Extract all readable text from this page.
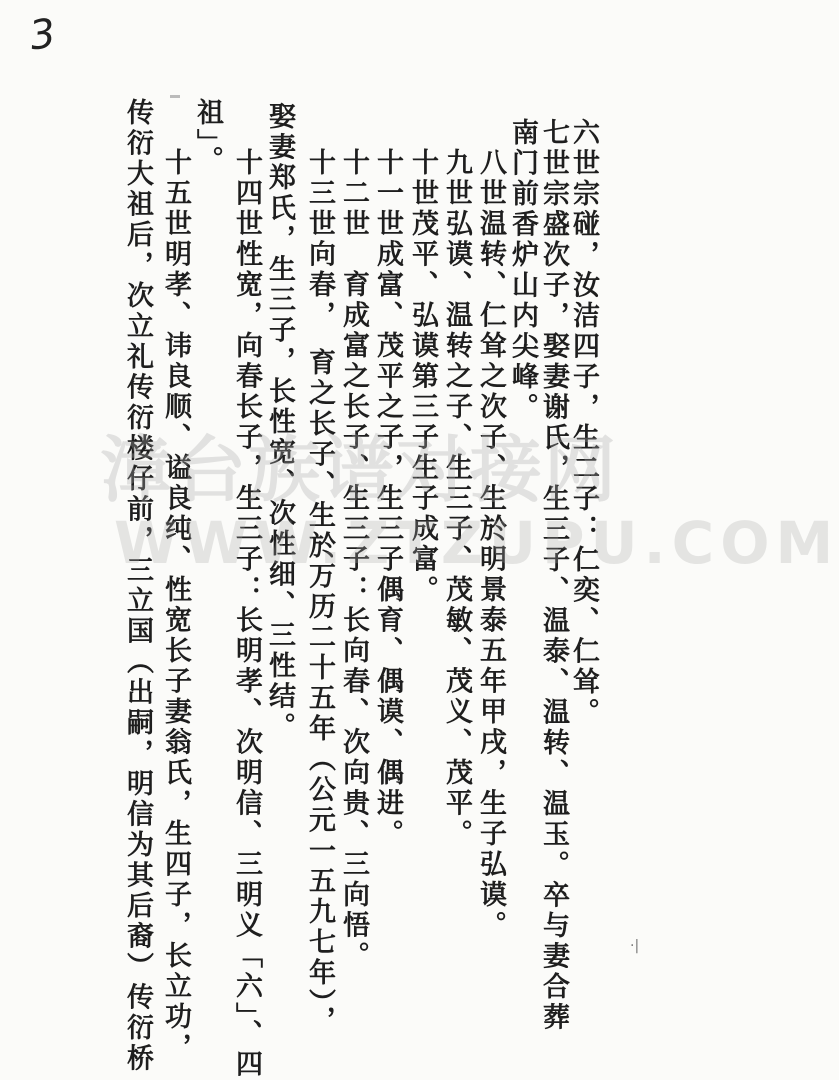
3
六世宗碰，汝洁四子，生二子：仁奕、仁耸。
七世宗盛次子，娶妻谢氏，生三子、温泰、温转、温玉。卒与妻合葬
南门前香炉山内尖峰。
八世温转、仁耸之次子、生於明景泰五年甲戌，生子弘谟。
九世弘谟、温转之子、生三子、茂敏、茂义、茂平。
十世茂平、弘谟第三子生子成富。
十一世成富、茂平之子，生三子偶育、偶谟、偶进。
十二世　育成富之长子、生三子：长向春、次向贵、三向悟。
十三世向春，　育之长子、生於万历二十五年（公元一五九七年），
十四世性宽，向春长子，生三子：长明孝、次明信、三明义「六」、四 娶妻郑氏，生三子，长性宽、次性细、三性结。
祖」。
十五世明孝、讳良顺、谥良纯、性宽长子妻翁氏，生四子，长立功，
传衍大祖后，次立礼传衍楼仔前，三立国（出嗣，明信为其后裔）传衍桥
漳台族谱对接网
WWW.ZTZUPU.COM
·|
